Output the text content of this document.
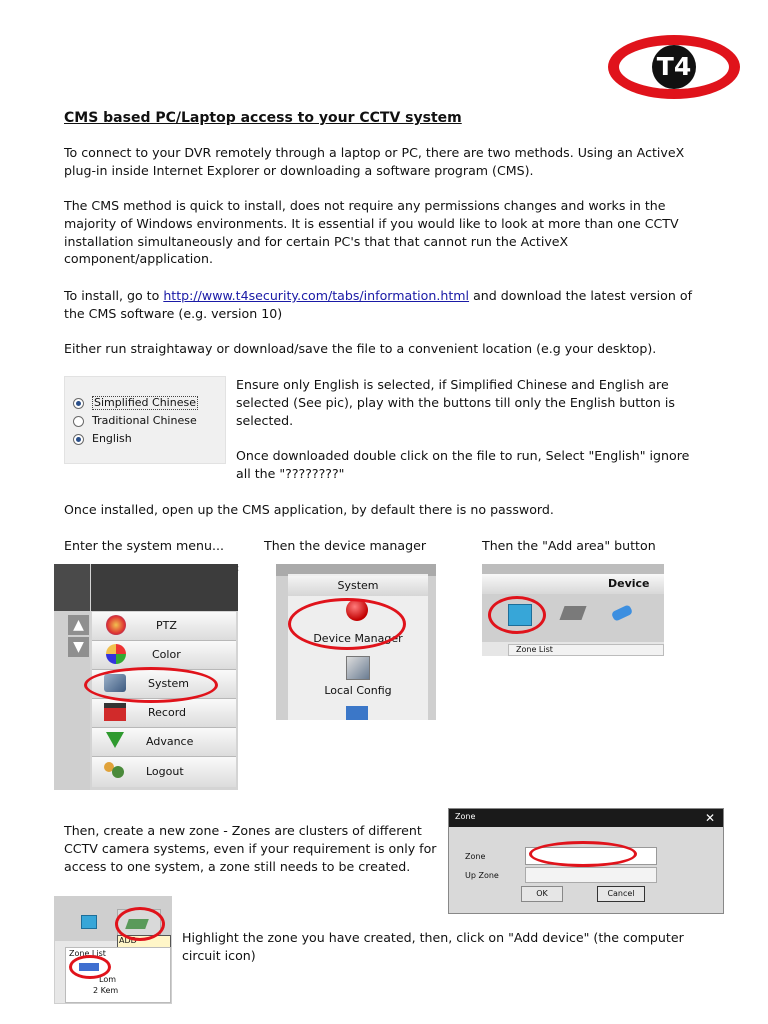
T4
CMS based PC/Laptop access to your CCTV system
To connect to your DVR remotely through a laptop or PC, there are two methods. Using an ActiveX plug-in inside Internet Explorer or downloading a software program (CMS).
The CMS method is quick to install, does not require any permissions changes and works in the majority of Windows environments. It is essential if you would like to look at more than one CCTV installation simultaneously and for certain PC's that that cannot run the ActiveX component/application.
To install, go to http://www.t4security.com/tabs/information.html and download the latest version of the CMS software (e.g. version 10)
Either run straightaway or download/save the file to a convenient location (e.g your desktop).
Simplified Chinese
Traditional Chinese
English
Ensure only English is selected, if Simplified Chinese and English are selected (See pic), play with the buttons till only the English button is selected.
Once downloaded double click on the file to run, Select "English" ignore all the "????????"
Once installed, open up the CMS application, by default there is no password.
Enter the system menu...	Then the device manager	Then the "Add area" button
▲
▼
PTZ
Color
System
Record
Advance
Logout
:
System
Device Manager
Local Config
Device
Zone List
Zone	✕
Zone
Up Zone
OK	Cancel
Then, create a new zone - Zones are clusters of different CCTV camera systems, even if your requirement is only for access to one system, a zone still needs to be created.
ADD
Zone List
Lom
2 Kem
Highlight the zone you have created, then, click on "Add device" (the computer circuit icon)
